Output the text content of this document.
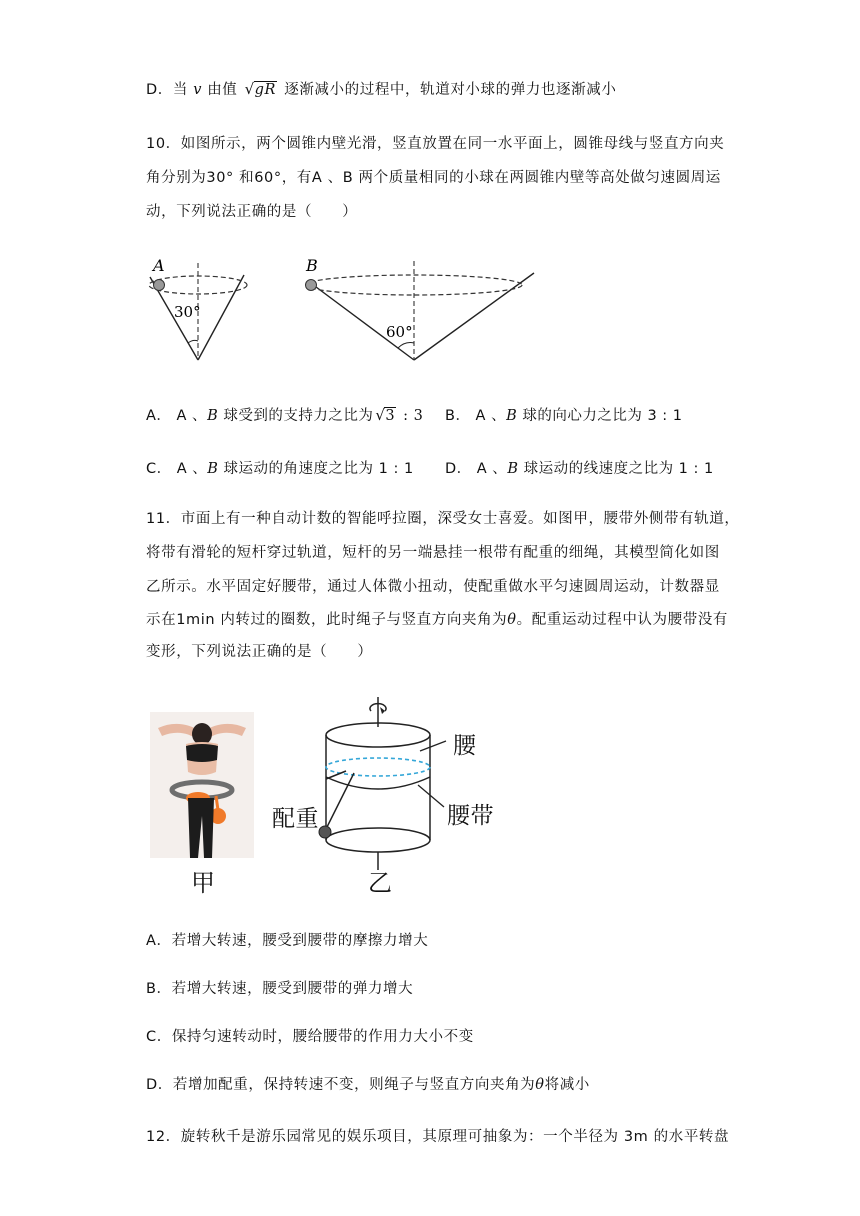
D．当 v 由值 √ gR 逐渐减小的过程中，轨道对小球的弹力也逐渐减小
10．如图所示，两个圆锥内壁光滑，竖直放置在同一水平面上，圆锥母线与竖直方向夹
角分别为30° 和60°，有A 、B 两个质量相同的小球在两圆锥内壁等高处做匀速圆周运
动，下列说法正确的是（　　）
A
30°
B
60°
A． A 、B 球受到的支持力之比为 √ 3 : 3 B． A 、B 球的向心力之比为 3 : 1
C． A 、B 球运动的角速度之比为 1 : 1 D． A 、B 球运动的线速度之比为 1 : 1
11．市面上有一种自动计数的智能呼拉圈，深受女士喜爱。如图甲，腰带外侧带有轨道，
将带有滑轮的短杆穿过轨道，短杆的另一端悬挂一根带有配重的细绳，其模型简化如图
乙所示。水平固定好腰带，通过人体微小扭动，使配重做水平匀速圆周运动，计数器显
示在1min 内转过的圈数，此时绳子与竖直方向夹角为θ。配重运动过程中认为腰带没有
变形，下列说法正确的是（　　）
腰
腰带
配重
甲	乙
A．若增大转速，腰受到腰带的摩擦力增大
B．若增大转速，腰受到腰带的弹力增大
C．保持匀速转动时，腰给腰带的作用力大小不变
D．若增加配重，保持转速不变，则绳子与竖直方向夹角为θ将减小
12．旋转秋千是游乐园常见的娱乐项目，其原理可抽象为：一个半径为 3m 的水平转盘
